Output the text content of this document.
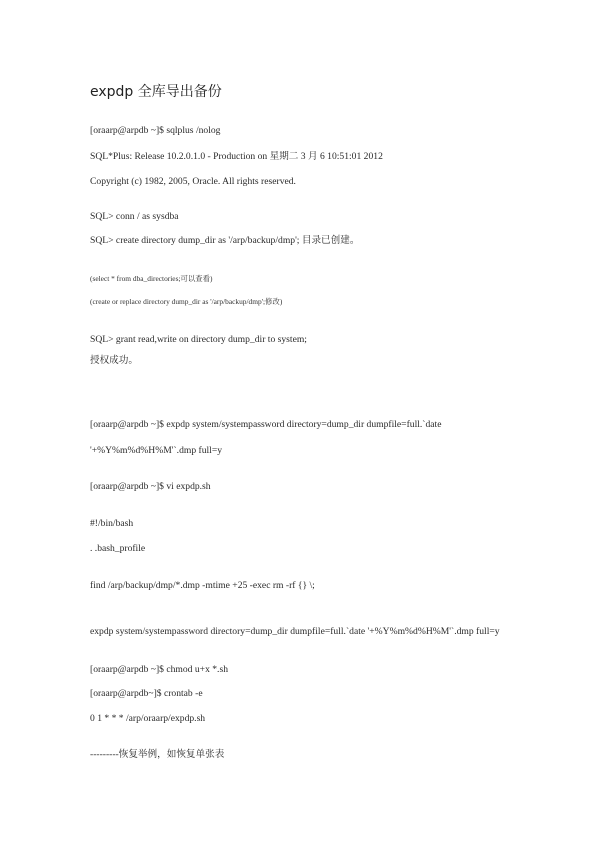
expdp 全库导出备份
[oraarp@arpdb ~]$ sqlplus /nolog
SQL*Plus: Release 10.2.0.1.0 - Production on 星期二 3 月 6 10:51:01 2012
Copyright (c) 1982, 2005, Oracle. All rights reserved.
SQL> conn / as sysdba
SQL> create directory dump_dir as '/arp/backup/dmp'; 目录已创建。
(select * from dba_directories;可以查看)
(create or replace directory dump_dir as '/arp/backup/dmp';修改)
SQL> grant read,write on directory dump_dir to system;
授权成功。
[oraarp@arpdb ~]$ expdp system/systempassword directory=dump_dir dumpfile=full.`date
'+%Y%m%d%H%M'`.dmp full=y
[oraarp@arpdb ~]$ vi expdp.sh
#!/bin/bash
. .bash_profile
find /arp/backup/dmp/*.dmp -mtime +25 -exec rm -rf {} \;
expdp system/systempassword directory=dump_dir dumpfile=full.`date '+%Y%m%d%H%M'`.dmp full=y
[oraarp@arpdb ~]$ chmod u+x *.sh
[oraarp@arpdb~]$ crontab -e
0 1 * * * /arp/oraarp/expdp.sh
---------恢复举例，如恢复单张表
